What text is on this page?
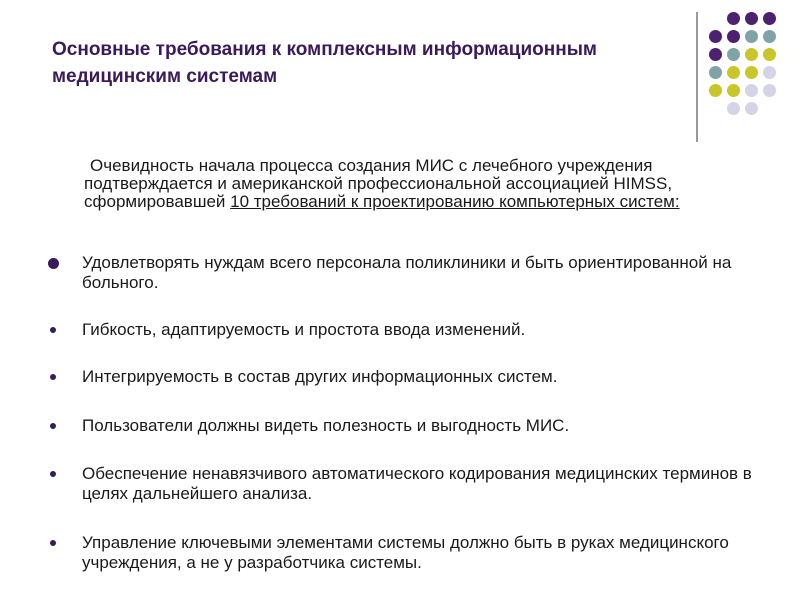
Основные требования к комплексным информационным медицинским системам

Очевидность начала процесса создания МИС с лечебного учреждения подтверждается и американской профессиональной ассоциацией HIMSS, сформировавшей 10 требований к проектированию компьютерных систем:

Удовлетворять нуждам всего персонала поликлиники и быть ориентированной на больного.
Гибкость, адаптируемость и простота ввода изменений.
Интегрируемость в состав других информационных систем.
Пользователи должны видеть полезность и выгодность МИС.
Обеспечение ненавязчивого автоматического кодирования медицинских терминов в целях дальнейшего анализа.
Управление ключевыми элементами системы должно быть в руках медицинского учреждения, а не у разработчика системы.
